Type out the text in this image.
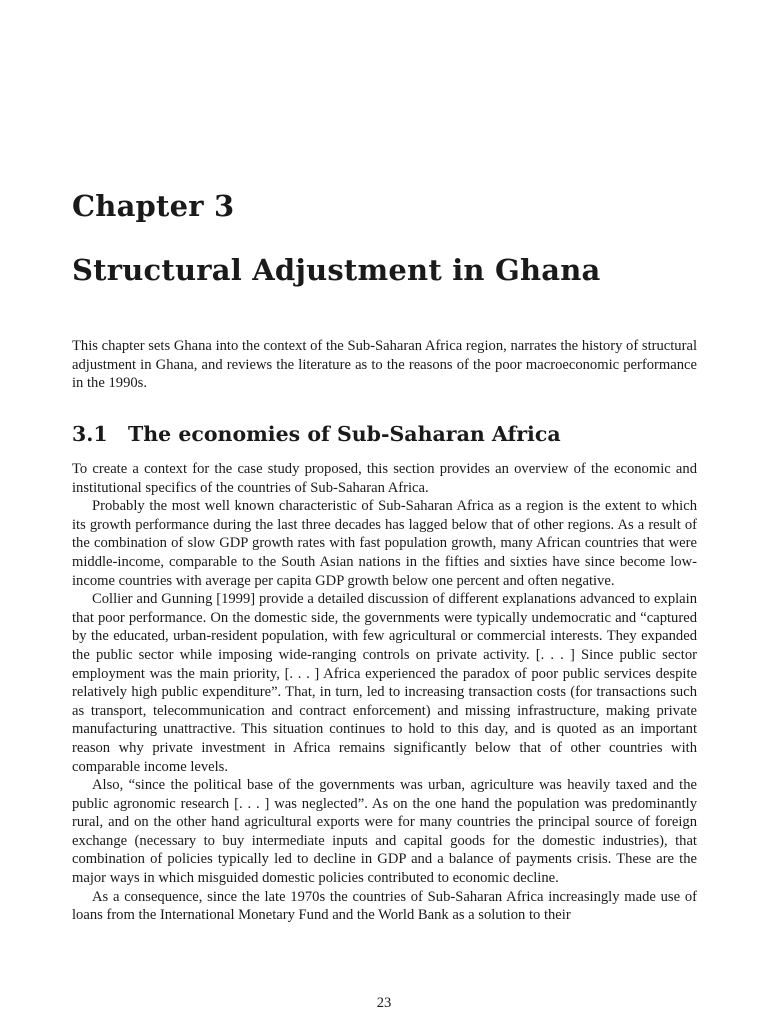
Chapter 3
Structural Adjustment in Ghana

This chapter sets Ghana into the context of the Sub-Saharan Africa region, narrates the history of structural adjustment in Ghana, and reviews the literature as to the reasons of the poor macroeconomic performance in the 1990s.

3.1 The economies of Sub-Saharan Africa

To create a context for the case study proposed, this section provides an overview of the economic and institutional specifics of the countries of Sub-Saharan Africa.

Probably the most well known characteristic of Sub-Saharan Africa as a region is the extent to which its growth performance during the last three decades has lagged below that of other regions. As a result of the combination of slow GDP growth rates with fast population growth, many African countries that were middle-income, comparable to the South Asian nations in the fifties and sixties have since become low-income countries with average per capita GDP growth below one percent and often negative.

Collier and Gunning [1999] provide a detailed discussion of different explanations advanced to explain that poor performance. On the domestic side, the governments were typically undemocratic and “captured by the educated, urban-resident population, with few agricultural or commercial interests. They expanded the public sector while imposing wide-ranging controls on private activity. [. . . ] Since public sector employment was the main priority, [. . . ] Africa experienced the paradox of poor public services despite relatively high public expenditure”. That, in turn, led to increasing transaction costs (for transactions such as transport, telecommunication and contract enforcement) and missing infrastructure, making private manufacturing unattractive. This situation continues to hold to this day, and is quoted as an important reason why private investment in Africa remains significantly below that of other countries with comparable income levels.

Also, “since the political base of the governments was urban, agriculture was heavily taxed and the public agronomic research [. . . ] was neglected”. As on the one hand the population was predominantly rural, and on the other hand agricultural exports were for many countries the principal source of foreign exchange (necessary to buy intermediate inputs and capital goods for the domestic industries), that combination of policies typically led to decline in GDP and a balance of payments crisis. These are the major ways in which misguided domestic policies contributed to economic decline.

As a consequence, since the late 1970s the countries of Sub-Saharan Africa increasingly made use of loans from the International Monetary Fund and the World Bank as a solution to their

23
